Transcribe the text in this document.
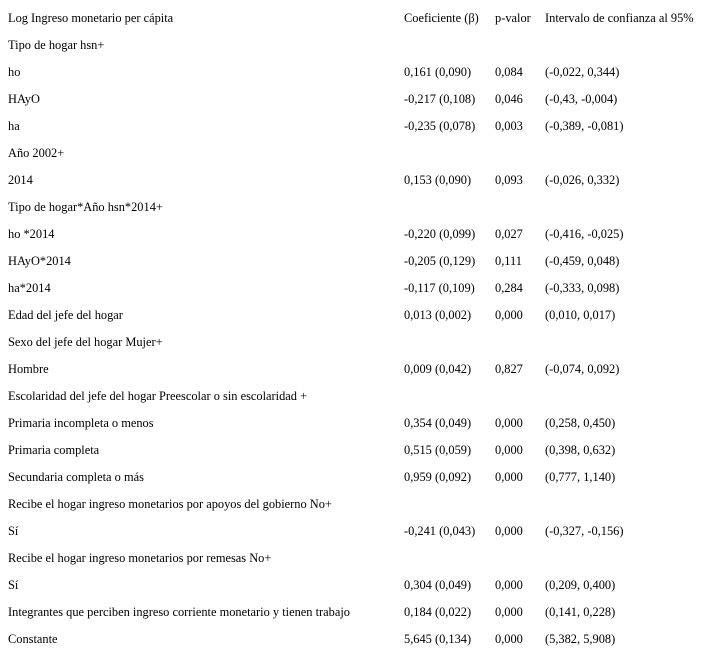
Log Ingreso monetario per cápita	Coeficiente (β) p-valor Intervalo de confianza al 95%
Tipo de hogar hsn+
ho	0,161 (0,090) 0,084 (-0,022, 0,344)
HAyO	-0,217 (0,108) 0,046 (-0,43, -0,004)
ha	-0,235 (0,078) 0,003 (-0,389, -0,081)
Año 2002+
2014	0,153 (0,090) 0,093 (-0,026, 0,332)
Tipo de hogar*Año hsn*2014+
ho *2014	-0,220 (0,099) 0,027 (-0,416, -0,025)
HAyO*2014	-0,205 (0,129) 0,111 (-0,459, 0,048)
ha*2014	-0,117 (0,109) 0,284 (-0,333, 0,098)
Edad del jefe del hogar	0,013 (0,002) 0,000 (0,010, 0,017)
Sexo del jefe del hogar Mujer+
Hombre	0,009 (0,042) 0,827 (-0,074, 0,092)
Escolaridad del jefe del hogar Preescolar o sin escolaridad +
Primaria incompleta o menos	0,354 (0,049) 0,000 (0,258, 0,450)
Primaria completa	0,515 (0,059) 0,000 (0,398, 0,632)
Secundaria completa o más	0,959 (0,092) 0,000 (0,777, 1,140)
Recibe el hogar ingreso monetarios por apoyos del gobierno No+
Sí	-0,241 (0,043) 0,000 (-0,327, -0,156)
Recibe el hogar ingreso monetarios por remesas No+
Sí	0,304 (0,049) 0,000 (0,209, 0,400)
Integrantes que perciben ingreso corriente monetario y tienen trabajo	0,184 (0,022) 0,000 (0,141, 0,228)
Constante	5,645 (0,134) 0,000 (5,382, 5,908)
